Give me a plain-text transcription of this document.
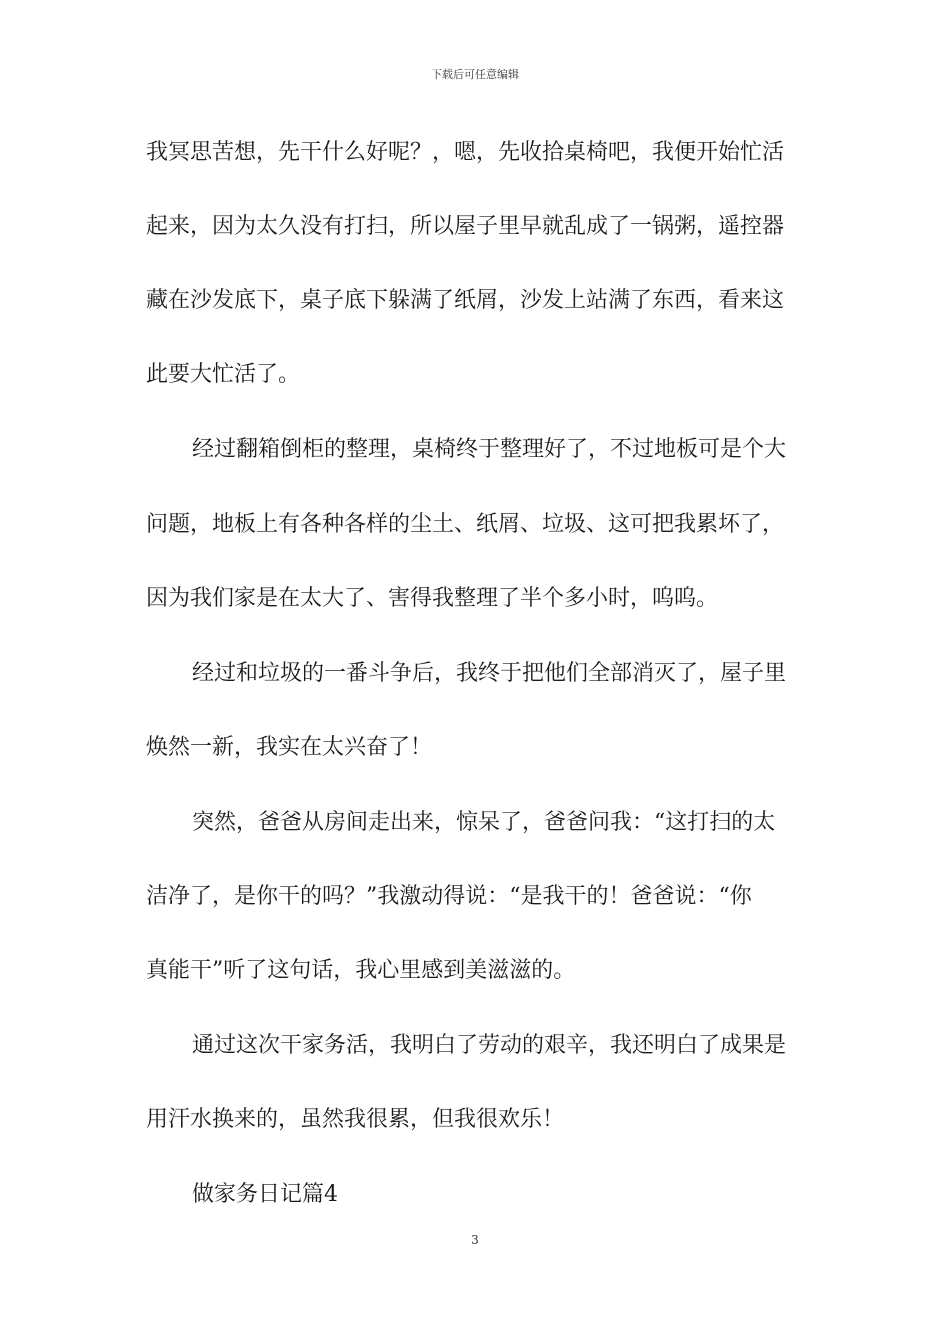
下载后可任意编辑
我冥思苦想，先干什么好呢？，嗯，先收拾桌椅吧，我便开始忙活
起来，因为太久没有打扫，所以屋子里早就乱成了一锅粥，遥控器
藏在沙发底下，桌子底下躲满了纸屑，沙发上站满了东西，看来这
此要大忙活了。
经过翻箱倒柜的整理，桌椅终于整理好了，不过地板可是个大
问题，地板上有各种各样的尘土、纸屑、垃圾、这可把我累坏了，
因为我们家是在太大了、害得我整理了半个多小时，呜呜。
经过和垃圾的一番斗争后，我终于把他们全部消灭了，屋子里
焕然一新，我实在太兴奋了！
突然，爸爸从房间走出来，惊呆了，爸爸问我：“这打扫的太
洁净了，是你干的吗？”我激动得说：“是我干的！爸爸说：“你
真能干”听了这句话，我心里感到美滋滋的。
通过这次干家务活，我明白了劳动的艰辛，我还明白了成果是
用汗水换来的，虽然我很累，但我很欢乐！
做家务日记篇4
3
